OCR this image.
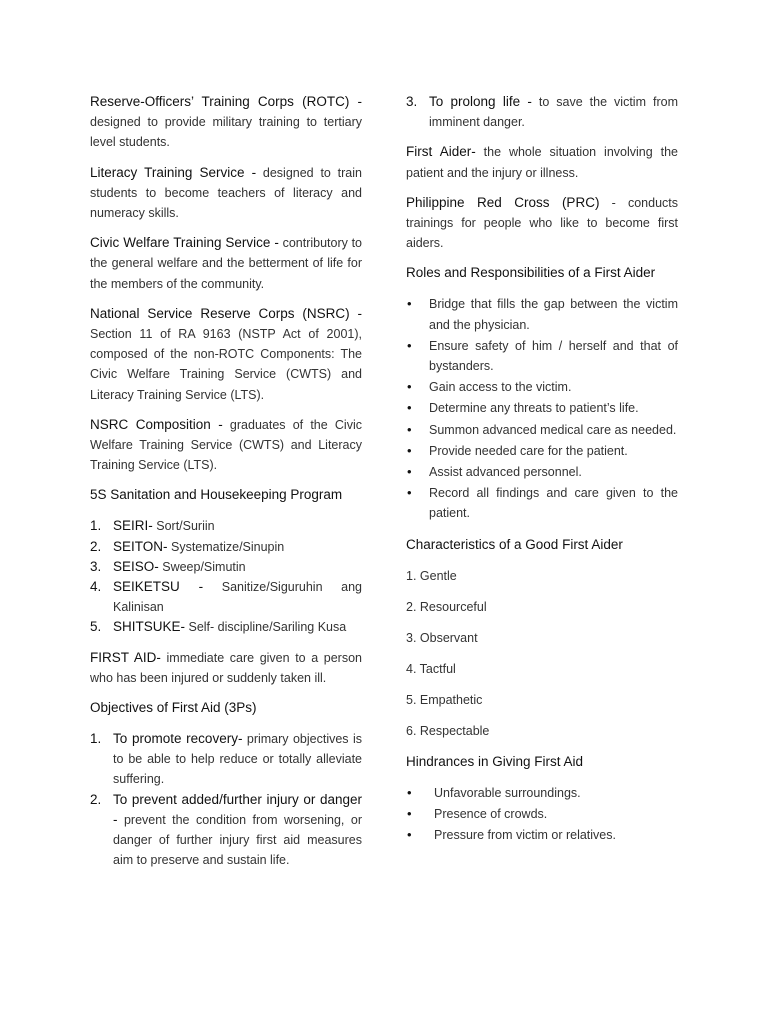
Reserve-Officers’ Training Corps (ROTC) - designed to provide military training to tertiary level students.

Literacy Training Service - designed to train students to become teachers of literacy and numeracy skills.

Civic Welfare Training Service - contributory to the general welfare and the betterment of life for the members of the community.

National Service Reserve Corps (NSRC) - Section 11 of RA 9163 (NSTP Act of 2001), composed of the non-ROTC Components: The Civic Welfare Training Service (CWTS) and Literacy Training Service (LTS).

NSRC Composition - graduates of the Civic Welfare Training Service (CWTS) and Literacy Training Service (LTS).

5S Sanitation and Housekeeping Program
1. SEIRI- Sort/Suriin
2. SEITON- Systematize/Sinupin
3. SEISO- Sweep/Simutin
4. SEIKETSU - Sanitize/Siguruhin ang Kalinisan
5. SHITSUKE- Self- discipline/Sariling Kusa

FIRST AID- immediate care given to a person who has been injured or suddenly taken ill.

Objectives of First Aid (3Ps)
1. To promote recovery- primary objectives is to be able to help reduce or totally alleviate suffering.
2. To prevent added/further injury or danger - prevent the condition from worsening, or danger of further injury first aid measures aim to preserve and sustain life.
3. To prolong life - to save the victim from imminent danger.

First Aider- the whole situation involving the patient and the injury or illness.

Philippine Red Cross (PRC) - conducts trainings for people who like to become first aiders.

Roles and Responsibilities of a First Aider
• Bridge that fills the gap between the victim and the physician.
• Ensure safety of him / herself and that of bystanders.
• Gain access to the victim.
• Determine any threats to patient’s life.
• Summon advanced medical care as needed.
• Provide needed care for the patient.
• Assist advanced personnel.
• Record all findings and care given to the patient.
Characteristics of a Good First Aider
1. Gentle
2. Resourceful
3. Observant
4. Tactful
5. Empathetic
6. Respectable
Hindrances in Giving First Aid
• Unfavorable surroundings.
• Presence of crowds.
• Pressure from victim or relatives.
